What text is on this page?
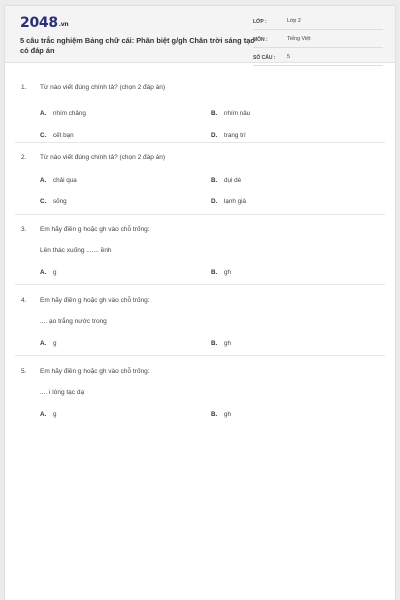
2048.vn
5 câu trắc nghiệm Bảng chữ cái: Phân biệt g/gh Chân trời sáng tạo có đáp án
LỚP :	Lớp 2
MÔN :	Tiếng Việt
SỐ CÂU : 5
1. Từ nào viết đúng chính tả? (chọn 2 đáp án)
A. nhím chảng	B. nhím nâu
C. cết bạn	D. trang trí
2. Từ nào viết đúng chính tả? (chọn 2 đáp án)
A. chải qua	B. dụi dè
C. sống	D. lạnh giá
3. Em hãy điền g hoặc gh vào chỗ trống:
Lên thác xuống ....... ềnh
A. g	B. gh
4. Em hãy điền g hoặc gh vào chỗ trống:
.... ạo trắng nước trong
A. g	B. gh
5. Em hãy điền g hoặc gh vào chỗ trống:
.... i lòng tạc dạ
A. g	B. gh
